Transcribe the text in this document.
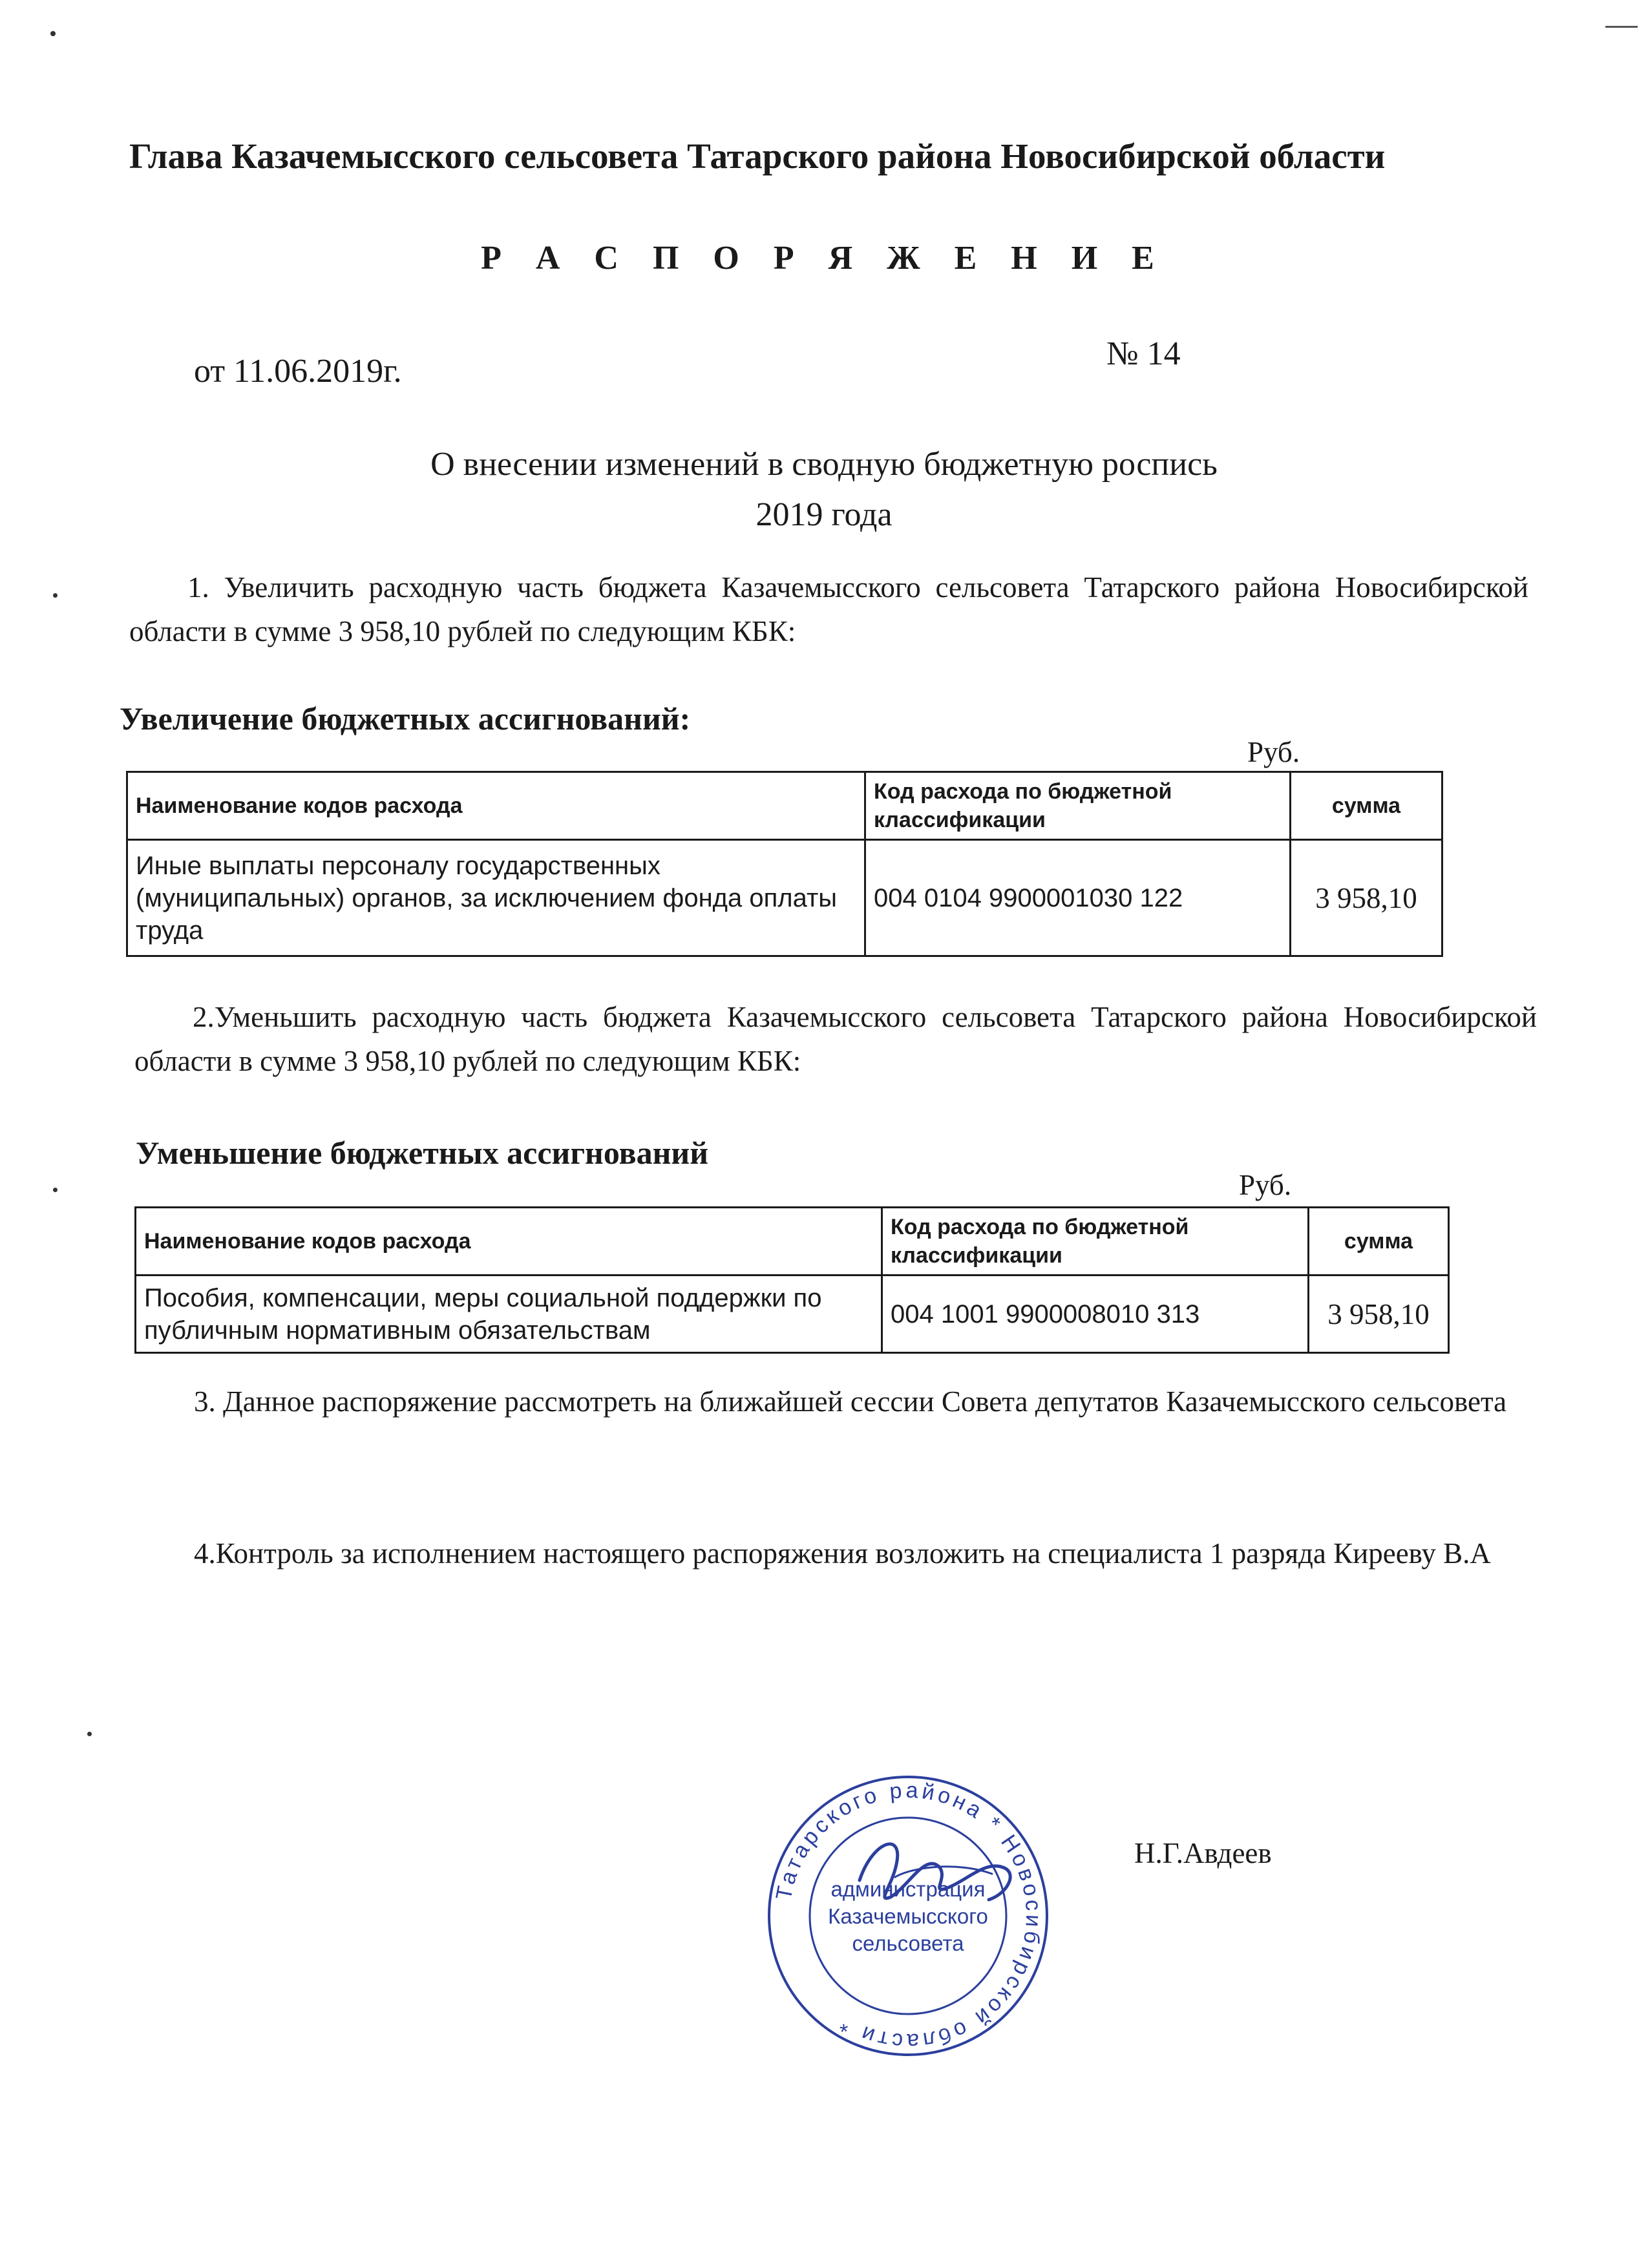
Глава Казачемысского сельсовета Татарского района Новосибирской области
Р А С П О Р Я Ж Е Н И Е
от 11.06.2019г.	№ 14
О внесении изменений в сводную бюджетную роспись
2019 года
1. Увеличить расходную часть бюджета Казачемысского сельсовета Татарского района Новосибирской области в сумме 3 958,10 рублей по следующим КБК:
Увеличение бюджетных ассигнований:
Руб.
Наименование кодов расхода	Код расхода по бюджетной классификации	сумма
Иные выплаты персоналу государственных (муниципальных) органов, за исключением фонда оплаты труда	004 0104 9900001030 122	3 958,10
2.Уменьшить расходную часть бюджета Казачемысского сельсовета Татарского района Новосибирской области в сумме 3 958,10 рублей по следующим КБК:
Уменьшение бюджетных ассигнований
Руб.
Наименование кодов расхода	Код расхода по бюджетной классификации	сумма
Пособия, компенсации, меры социальной поддержки по публичным нормативным обязательствам	004 1001 9900008010 313	3 958,10
3. Данное распоряжение рассмотреть на ближайшей сессии Совета депутатов Казачемысского сельсовета
4.Контроль за исполнением настоящего распоряжения возложить на специалиста 1 разряда Кирееву В.А
Татарского района * Новосибирской области *
администрация
Казачемысского
сельсовета
Н.Г.Авдеев
